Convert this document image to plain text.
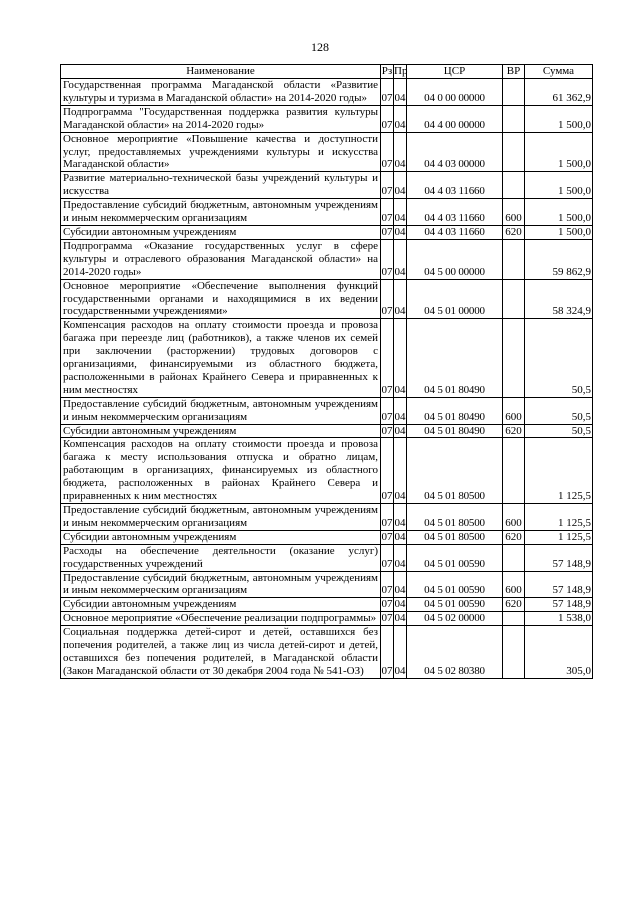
128
Наименование	Рз	Пр	ЦСР	ВР	Сумма
Государственная программа Магаданской области «Развитие культуры и туризма в Магаданской области» на 2014-2020 годы»	07	04	04 0 00 00000		61 362,9
Подпрограмма "Государственная поддержка развития культуры Магаданской области» на 2014-2020 годы»	07	04	04 4 00 00000		1 500,0
Основное мероприятие «Повышение качества и доступности услуг, предоставляемых учреждениями культуры и искусства Магаданской области»	07	04	04 4 03 00000		1 500,0
Развитие материально-технической базы учреждений культуры и искусства	07	04	04 4 03 11660		1 500,0
Предоставление субсидий бюджетным, автономным учреждениям и иным некоммерческим организациям	07	04	04 4 03 11660	600	1 500,0
Субсидии автономным учреждениям	07	04	04 4 03 11660	620	1 500,0
Подпрограмма «Оказание государственных услуг в сфере культуры и отраслевого образования Магаданской области» на 2014-2020 годы»	07	04	04 5 00 00000		59 862,9
Основное мероприятие «Обеспечение выполнения функций государственными органами и находящимися в их ведении государственными учреждениями»	07	04	04 5 01 00000		58 324,9
Компенсация расходов на оплату стоимости проезда и провоза багажа при переезде лиц (работников), а также членов их семей при заключении (расторжении) трудовых договоров с организациями, финансируемыми из областного бюджета, расположенными в районах Крайнего Севера и приравненных к ним местностях	07	04	04 5 01 80490		50,5
Предоставление субсидий бюджетным, автономным учреждениям и иным некоммерческим организациям	07	04	04 5 01 80490	600	50,5
Субсидии автономным учреждениям	07	04	04 5 01 80490	620	50,5
Компенсация расходов на оплату стоимости проезда и провоза багажа к месту использования отпуска и обратно лицам, работающим в организациях, финансируемых из областного бюджета, расположенных в районах Крайнего Севера и приравненных к ним местностях	07	04	04 5 01 80500		1 125,5
Предоставление субсидий бюджетным, автономным учреждениям и иным некоммерческим организациям	07	04	04 5 01 80500	600	1 125,5
Субсидии автономным учреждениям	07	04	04 5 01 80500	620	1 125,5
Расходы на обеспечение деятельности (оказание услуг) государственных учреждений	07	04	04 5 01 00590		57 148,9
Предоставление субсидий бюджетным, автономным учреждениям и иным некоммерческим организациям	07	04	04 5 01 00590	600	57 148,9
Субсидии автономным учреждениям	07	04	04 5 01 00590	620	57 148,9
Основное мероприятие «Обеспечение реализации подпрограммы»	07	04	04 5 02 00000		1 538,0
Социальная поддержка детей-сирот и детей, оставшихся без попечения родителей, а также лиц из числа детей-сирот и детей, оставшихся без попечения родителей, в Магаданской области (Закон Магаданской области от 30 декабря 2004 года № 541-ОЗ)	07	04	04 5 02 80380		305,0
